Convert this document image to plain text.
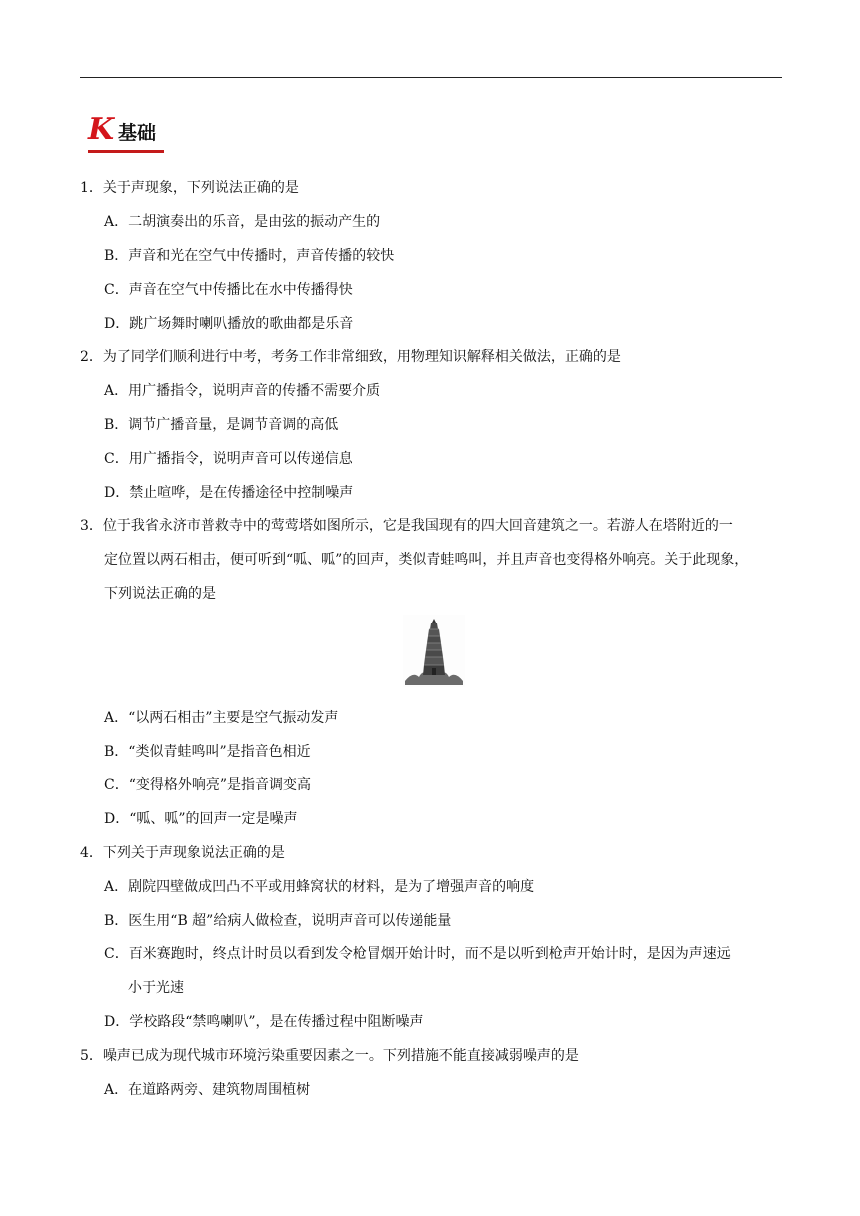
K 基础
1．关于声现象，下列说法正确的是
A．二胡演奏出的乐音，是由弦的振动产生的
B．声音和光在空气中传播时，声音传播的较快
C．声音在空气中传播比在水中传播得快
D．跳广场舞时喇叭播放的歌曲都是乐音
2．为了同学们顺利进行中考，考务工作非常细致，用物理知识解释相关做法，正确的是
A．用广播指令，说明声音的传播不需要介质
B．调节广播音量，是调节音调的高低
C．用广播指令，说明声音可以传递信息
D．禁止喧哗，是在传播途径中控制噪声
3．位于我省永济市普救寺中的莺莺塔如图所示，它是我国现有的四大回音建筑之一。若游人在塔附近的一
定位置以两石相击，便可听到“呱、呱”的回声，类似青蛙鸣叫，并且声音也变得格外响亮。关于此现象，
下列说法正确的是
A．“以两石相击”主要是空气振动发声
B．“类似青蛙鸣叫”是指音色相近
C．“变得格外响亮”是指音调变高
D．“呱、呱”的回声一定是噪声
4．下列关于声现象说法正确的是
A．剧院四壁做成凹凸不平或用蜂窝状的材料，是为了增强声音的响度
B．医生用“B 超”给病人做检查，说明声音可以传递能量
C．百米赛跑时，终点计时员以看到发令枪冒烟开始计时，而不是以听到枪声开始计时，是因为声速远
小于光速
D．学校路段“禁鸣喇叭”，是在传播过程中阻断噪声
5．噪声已成为现代城市环境污染重要因素之一。下列措施不能直接减弱噪声的是
A．在道路两旁、建筑物周围植树
